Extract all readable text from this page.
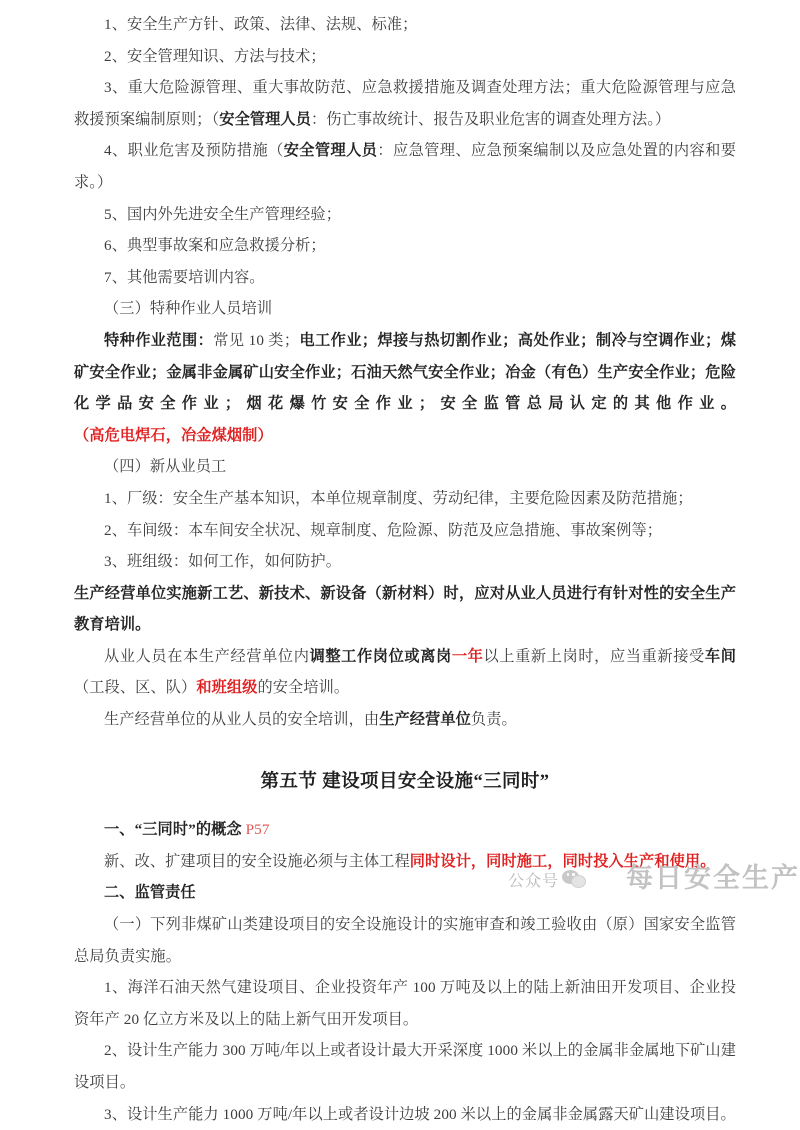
1、安全生产方针、政策、法律、法规、标准；

2、安全管理知识、方法与技术；

3、重大危险源管理、重大事故防范、应急救援措施及调查处理方法；重大危险源管理与应急救援预案编制原则；（安全管理人员：伤亡事故统计、报告及职业危害的调查处理方法。）

4、职业危害及预防措施（安全管理人员：应急管理、应急预案编制以及应急处置的内容和要求。）

5、国内外先进安全生产管理经验；

6、典型事故案和应急救援分析；

7、其他需要培训内容。

（三）特种作业人员培训

特种作业范围：常见 10 类；电工作业；焊接与热切割作业；高处作业；制冷与空调作业；煤矿安全作业；金属非金属矿山安全作业；石油天然气安全作业；冶金（有色）生产安全作业；危险化学品安全作业；烟花爆竹安全作业；安全监管总局认定的其他作业。（高危电焊石，冶金煤烟制）

（四）新从业员工

1、厂级：安全生产基本知识，本单位规章制度、劳动纪律，主要危险因素及防范措施；

2、车间级：本车间安全状况、规章制度、危险源、防范及应急措施、事故案例等；

3、班组级：如何工作，如何防护。

生产经营单位实施新工艺、新技术、新设备（新材料）时，应对从业人员进行有针对性的安全生产教育培训。

从业人员在本生产经营单位内调整工作岗位或离岗一年以上重新上岗时，应当重新接受车间（工段、区、队）和班组级的安全培训。

生产经营单位的从业人员的安全培训，由生产经营单位负责。

第五节 建设项目安全设施“三同时”

一、“三同时”的概念 P57

新、改、扩建项目的安全设施必须与主体工程同时设计，同时施工，同时投入生产和使用。

二、监管责任

（一）下列非煤矿山类建设项目的安全设施设计的实施审查和竣工验收由（原）国家安全监管总局负责实施。

1、海洋石油天然气建设项目、企业投资年产 100 万吨及以上的陆上新油田开发项目、企业投资年产 20 亿立方米及以上的陆上新气田开发项目。

2、设计生产能力 300 万吨/年以上或者设计最大开采深度 1000 米以上的金属非金属地下矿山建设项目。

3、设计生产能力 1000 万吨/年以上或者设计边坡 200 米以上的金属非金属露天矿山建设项目。

公众号 每日安全生产
